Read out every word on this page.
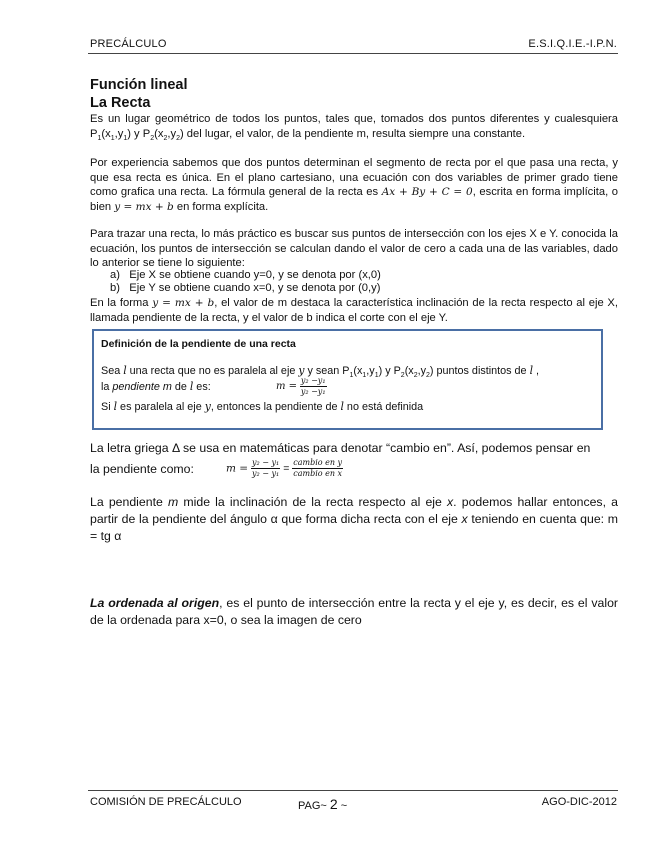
PRECÁLCULO	E.S.I.Q.I.E.-I.P.N.
Función lineal
La Recta

Es un lugar geométrico de todos los puntos, tales que, tomados dos puntos diferentes y cualesquiera $P_1(x_1,y_1)$ y $P_2(x_2,y_2)$ del lugar, el valor, de la pendiente m, resulta siempre una constante.

Por experiencia sabemos que dos puntos determinan el segmento de recta por el que pasa una recta, y que esa recta es única. En el plano cartesiano, una ecuación con dos variables de primer grado tiene como grafica una recta. La fórmula general de la recta es Ax + By + C = 0, escrita en forma implícita, o bien y = mx + b en forma explícita.

Para trazar una recta, lo más práctico es buscar sus puntos de intersección con los ejes X e Y. conocida la ecuación, los puntos de intersección se calculan dando el valor de cero a cada una de las variables, dado lo anterior se tiene lo siguiente:

a) Eje X se obtiene cuando y=0, y se denota por (x,0)
b) Eje Y se obtiene cuando x=0, y se denota por (0,y)

En la forma y = mx + b, el valor de m destaca la característica inclinación de la recta respecto al eje X, llamada pendiente de la recta, y el valor de b indica el corte con el eje Y.

Definición de la pendiente de una recta
Sea l una recta que no es paralela al eje y y sean $P_1(x_1,y_1)$ y $P_2(x_2,y_2)$ puntos distintos de l ,
la pendiente m de l es:	$m = \frac{\text{y₂ −y₁}}{\text{y₂ −y₁}}$
Si l es paralela al eje y, entonces la pendiente de l no está definida

La letra griega Δ se usa en matemáticas para denotar “cambio en”. Así, podemos pensar en

la pendiente como:	$m = \frac{\text{y₂ − y₁}}{\text{y₂ − y₁}} = \frac{\text{cambio en y}}{\text{cambio en x}}$

La pendiente m mide la inclinación de la recta respecto al eje x. podemos hallar entonces, a partir de la pendiente del ángulo α que forma dicha recta con el eje x teniendo en cuenta que: m = tg α

La ordenada al origen, es el punto de intersección entre la recta y el eje y, es decir, es el valor de la ordenada para x=0, o sea la imagen de cero

COMISIÓN DE PRECÁLCULO	PAG~ 2 ~	AGO-DIC-2012
